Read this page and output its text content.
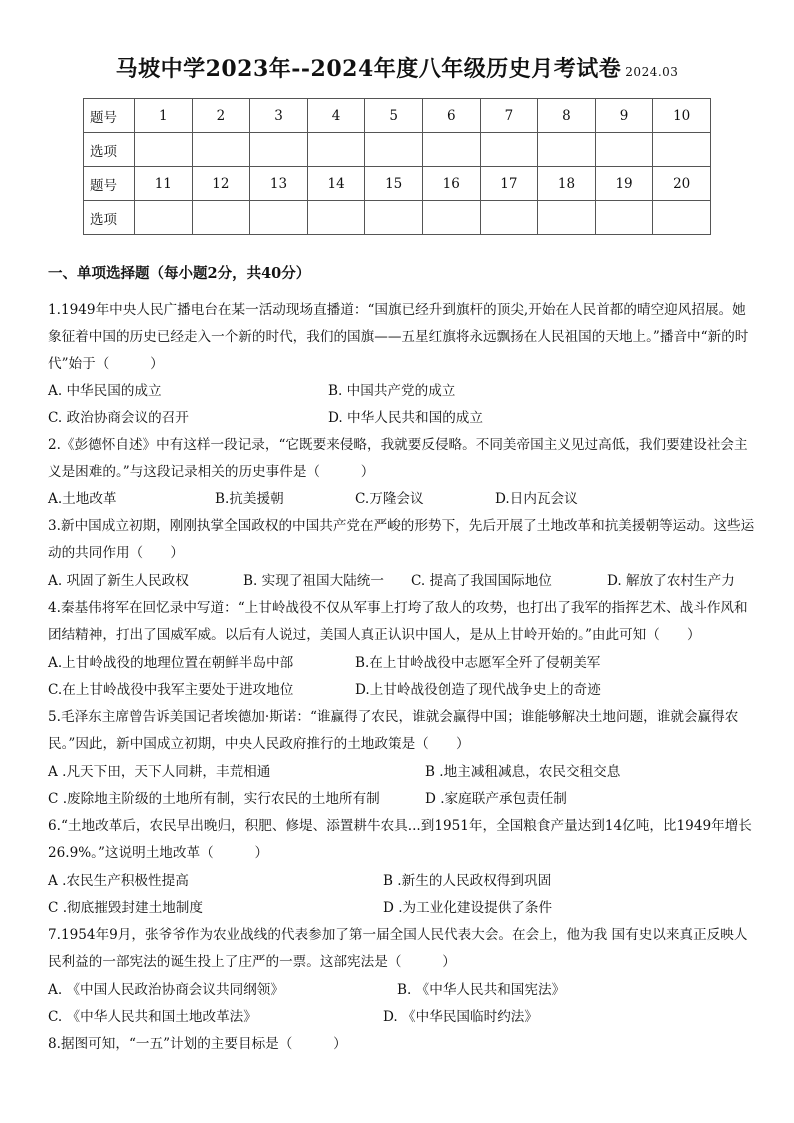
马坡中学2023年--2024年度八年级历史月考试卷 2024.03
题号	1	2	3	4	5	6	7	8	9	10
选项										
题号	11	12	13	14	15	16	17	18	19	20
选项										
一、单项选择题（每小题2分，共40分）
1.1949年中央人民广播电台在某一活动现场直播道：“国旗已经升到旗杆的顶尖,开始在人民首都的晴空迎风招展。她象征着中国的历史已经走入一个新的时代，我们的国旗——五星红旗将永远飘扬在人民祖国的天地上。”播音中“新的时代”始于（　　　）
A. 中华民国的成立	B. 中国共产党的成立
C. 政治协商会议的召开	D. 中华人民共和国的成立
2.《彭德怀自述》中有这样一段记录，“它既要来侵略，我就要反侵略。不同美帝国主义见过高低，我们要建设社会主义是困难的。”与这段记录相关的历史事件是（　　　）
A.土地改革	B.抗美援朝	C.万隆会议	D.日内瓦会议
3.新中国成立初期，刚刚执掌全国政权的中国共产党在严峻的形势下，先后开展了土地改革和抗美援朝等运动。这些运动的共同作用（　　）
A. 巩固了新生人民政权	B. 实现了祖国大陆统一 C. 提高了我国国际地位	D. 解放了农村生产力
4.秦基伟将军在回忆录中写道：“上甘岭战役不仅从军事上打垮了敌人的攻势，也打出了我军的指挥艺术、战斗作风和团结精神，打出了国威军威。以后有人说过，美国人真正认识中国人，是从上甘岭开始的。”由此可知（　　）
A.上甘岭战役的地理位置在朝鲜半岛中部	B.在上甘岭战役中志愿军全歼了侵朝美军
C.在上甘岭战役中我军主要处于进攻地位	D.上甘岭战役创造了现代战争史上的奇迹
5.毛泽东主席曾告诉美国记者埃德加·斯诺：“谁赢得了农民，谁就会赢得中国；谁能够解决土地问题，谁就会赢得农民。”因此，新中国成立初期，中央人民政府推行的土地政策是（　　）
A .凡天下田，天下人同耕，丰荒相通	B .地主减租减息，农民交租交息
C .废除地主阶级的土地所有制，实行农民的土地所有制	D .家庭联产承包责任制
6.“土地改革后，农民早出晚归，积肥、修堤、添置耕牛农具...到1951年，全国粮食产量达到14亿吨，比1949年增长26.9%。”这说明土地改革（　　　）
A .农民生产积极性提高	B .新生的人民政权得到巩固
C .彻底摧毁封建土地制度	D .为工业化建设提供了条件
7.1954年9月，张爷爷作为农业战线的代表参加了第一届全国人民代表大会。在会上，他为我 国有史以来真正反映人民利益的一部宪法的诞生投上了庄严的一票。这部宪法是（　　　）
A. 《中国人民政治协商会议共同纲领》	B. 《中华人民共和国宪法》
C. 《中华人民共和国土地改革法》	D. 《中华民国临时约法》
8.据图可知，“一五”计划的主要目标是（　　　）
